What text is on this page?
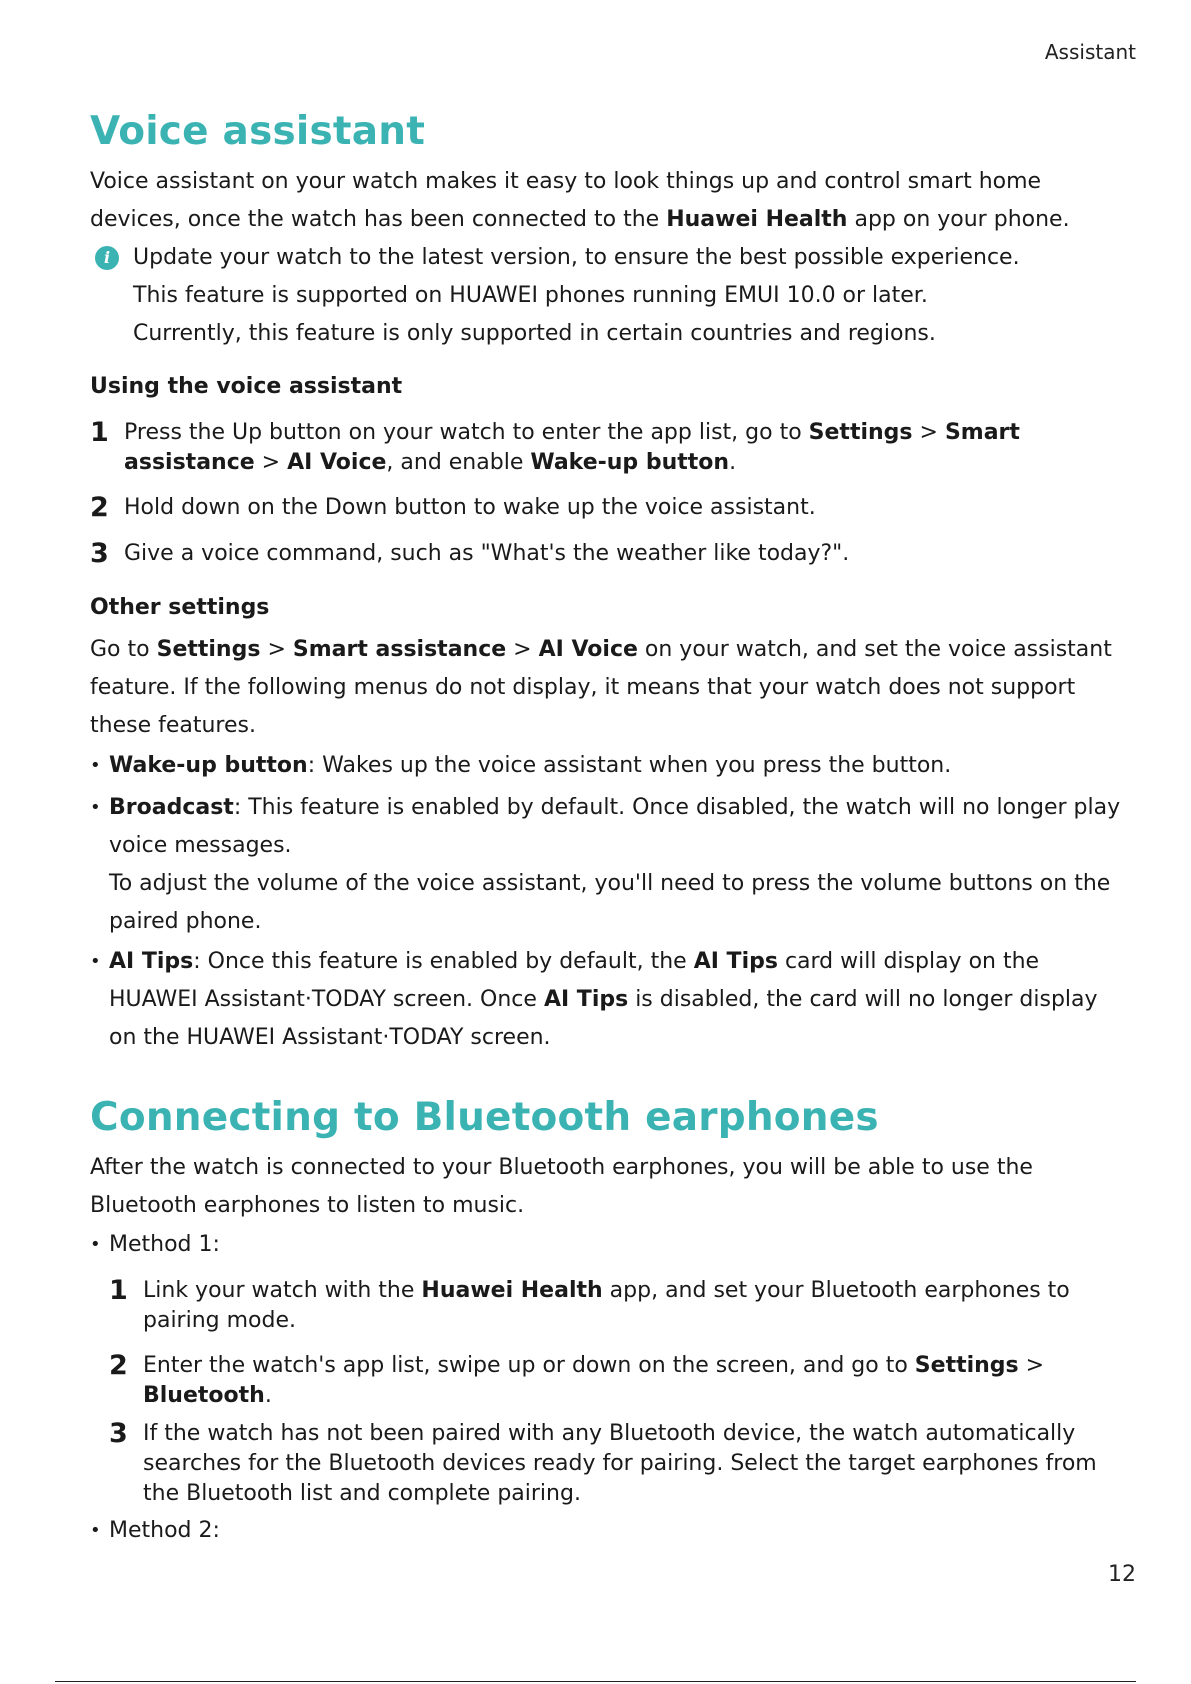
Assistant
Voice assistant

Voice assistant on your watch makes it easy to look things up and control smart home devices, once the watch has been connected to the Huawei Health app on your phone.

i	Update your watch to the latest version, to ensure the best possible experience.
This feature is supported on HUAWEI phones running EMUI 10.0 or later.
Currently, this feature is only supported in certain countries and regions.
Using the voice assistant
1 Press the Up button on your watch to enter the app list, go to Settings > Smart assistance > AI Voice, and enable Wake-up button.
2 Hold down on the Down button to wake up the voice assistant.
3 Give a voice command, such as "What's the weather like today?".
Other settings

Go to Settings > Smart assistance > AI Voice on your watch, and set the voice assistant feature. If the following menus do not display, it means that your watch does not support these features.

• Wake-up button: Wakes up the voice assistant when you press the button.
• Broadcast: This feature is enabled by default. Once disabled, the watch will no longer play voice messages.
To adjust the volume of the voice assistant, you'll need to press the volume buttons on the paired phone.
• AI Tips: Once this feature is enabled by default, the AI Tips card will display on the HUAWEI Assistant·TODAY screen. Once AI Tips is disabled, the card will no longer display on the HUAWEI Assistant·TODAY screen.
Connecting to Bluetooth earphones

After the watch is connected to your Bluetooth earphones, you will be able to use the Bluetooth earphones to listen to music.

• Method 1:
1 Link your watch with the Huawei Health app, and set your Bluetooth earphones to pairing mode.
2 Enter the watch's app list, swipe up or down on the screen, and go to Settings > Bluetooth.
3 If the watch has not been paired with any Bluetooth device, the watch automatically searches for the Bluetooth devices ready for pairing. Select the target earphones from the Bluetooth list and complete pairing.
• Method 2:
12
